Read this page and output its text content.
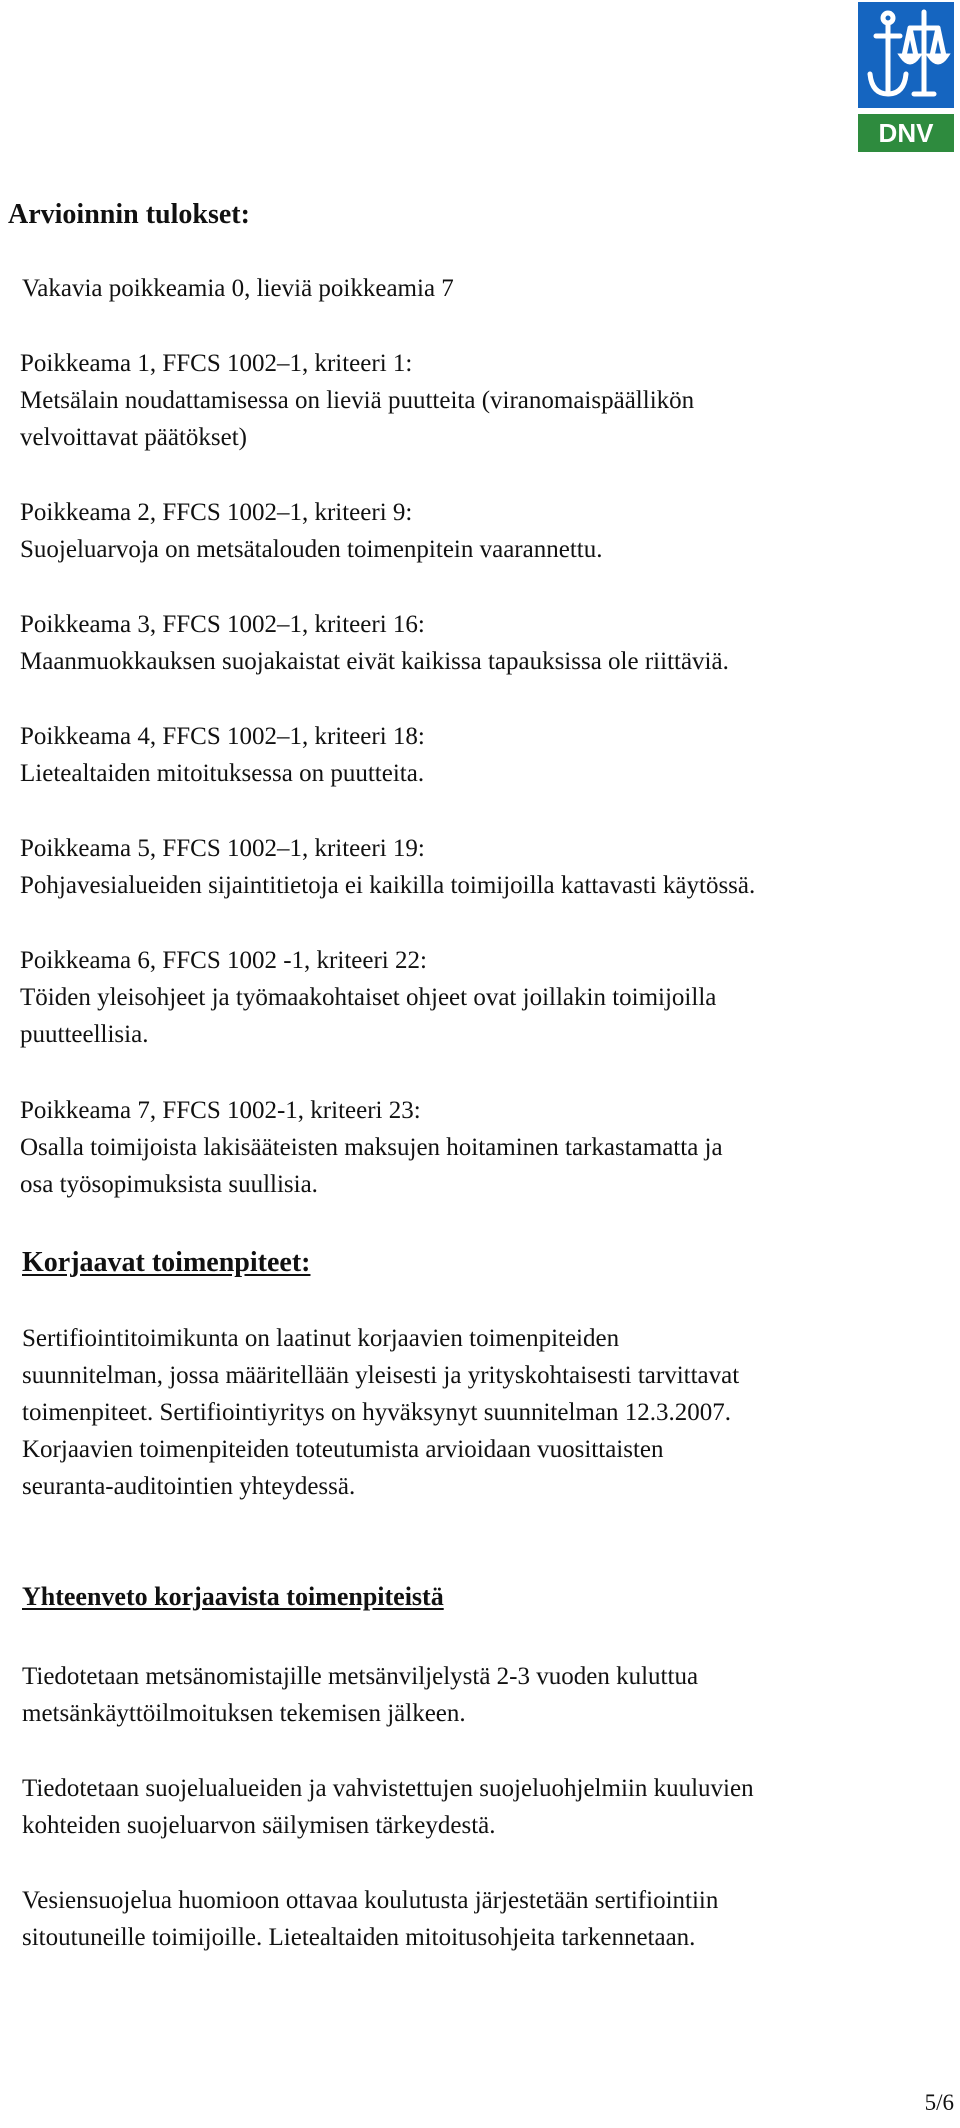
DNV
Arvioinnin tulokset:

Vakavia poikkeamia 0, lieviä poikkeamia 7

Poikkeama 1, FFCS 1002–1, kriteeri 1:
Metsälain noudattamisessa on lieviä puutteita (viranomaispäällikön
velvoittavat päätökset)

Poikkeama 2, FFCS 1002–1, kriteeri 9:
Suojeluarvoja on metsätalouden toimenpitein vaarannettu.

Poikkeama 3, FFCS 1002–1, kriteeri 16:
Maanmuokkauksen suojakaistat eivät kaikissa tapauksissa ole riittäviä.

Poikkeama 4, FFCS 1002–1, kriteeri 18:
Lietealtaiden mitoituksessa on puutteita.

Poikkeama 5, FFCS 1002–1, kriteeri 19:
Pohjavesialueiden sijaintitietoja ei kaikilla toimijoilla kattavasti käytössä.

Poikkeama 6, FFCS 1002 -1, kriteeri 22:
Töiden yleisohjeet ja työmaakohtaiset ohjeet ovat joillakin toimijoilla
puutteellisia.

Poikkeama 7, FFCS 1002-1, kriteeri 23:
Osalla toimijoista lakisääteisten maksujen hoitaminen tarkastamatta ja
osa työsopimuksista suullisia.

Korjaavat toimenpiteet:

Sertifiointitoimikunta on laatinut korjaavien toimenpiteiden
suunnitelman, jossa määritellään yleisesti ja yrityskohtaisesti tarvittavat
toimenpiteet. Sertifiointiyritys on hyväksynyt suunnitelman 12.3.2007.
Korjaavien toimenpiteiden toteutumista arvioidaan vuosittaisten
seuranta-auditointien yhteydessä.

Yhteenveto korjaavista toimenpiteistä

Tiedotetaan metsänomistajille metsänviljelystä 2-3 vuoden kuluttua
metsänkäyttöilmoituksen tekemisen jälkeen.

Tiedotetaan suojelualueiden ja vahvistettujen suojeluohjelmiin kuuluvien
kohteiden suojeluarvon säilymisen tärkeydestä.

Vesiensuojelua huomioon ottavaa koulutusta järjestetään sertifiointiin
sitoutuneille toimijoille. Lietealtaiden mitoitusohjeita tarkennetaan.

5/6
